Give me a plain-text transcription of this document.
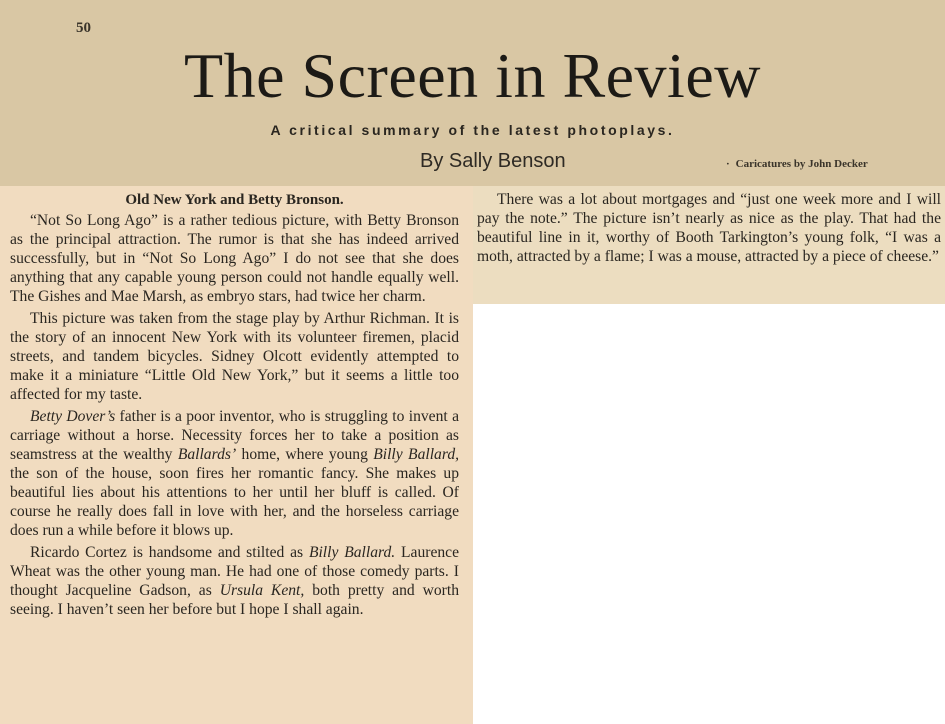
50
The Screen in Review
A critical summary of the latest photoplays.
By Sally Benson	· Caricatures by John Decker
Old New York and Betty Bronson.

“Not So Long Ago” is a rather tedious picture, with Betty Bronson as the principal attraction. The rumor is that she has indeed arrived successfully, but in “Not So Long Ago” I do not see that she does anything that any capable young person could not handle equally well. The Gishes and Mae Marsh, as embryo stars, had twice her charm.

This picture was taken from the stage play by Arthur Richman. It is the story of an innocent New York with its volunteer firemen, placid streets, and tandem bicycles. Sidney Olcott evidently attempted to make it a miniature “Little Old New York,” but it seems a little too affected for my taste.

Betty Dover’s father is a poor inventor, who is struggling to invent a carriage without a horse. Necessity forces her to take a position as seamstress at the wealthy Ballards’ home, where young Billy Ballard, the son of the house, soon fires her romantic fancy. She makes up beautiful lies about his attentions to her until her bluff is called. Of course he really does fall in love with her, and the horseless carriage does run a while before it blows up.

Ricardo Cortez is handsome and stilted as Billy Ballard. Laurence Wheat was the other young man. He had one of those comedy parts. I thought Jacqueline Gadson, as Ursula Kent, both pretty and worth seeing. I haven’t seen her before but I hope I shall again.

There was a lot about mortgages and “just one week more and I will pay the note.” The picture isn’t nearly as nice as the play. That had the beautiful line in it, worthy of Booth Tarkington’s young folk, “I was a moth, attracted by a flame; I was a mouse, attracted by a piece of cheese.”
